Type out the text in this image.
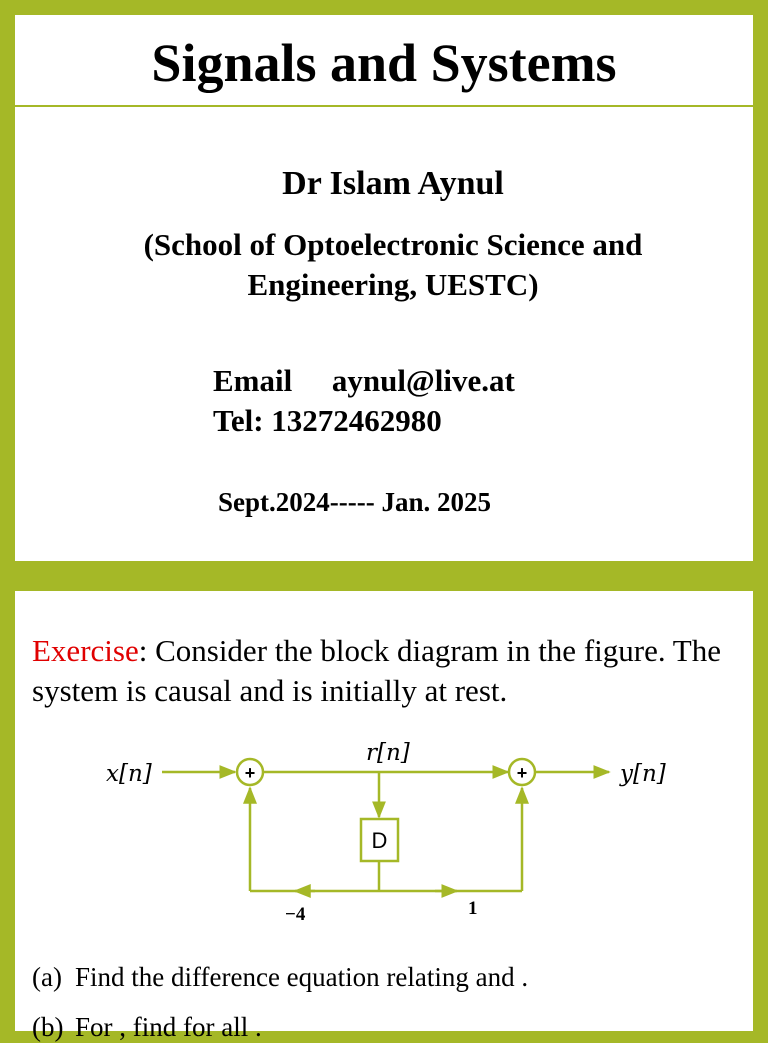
Signals and Systems
Dr Islam Aynul
(School of Optoelectronic Science and Engineering, UESTC)
Email aynul@live.at
Tel: 13272462980
Sept.2024----- Jan. 2025
Exercise: Consider the block diagram in the figure. The system is causal and is initially at rest.
+	+
D
x[n]
r[n]
y[n]
−4	1
(a) Find the difference equation relating and .
(b) For , find for all .
